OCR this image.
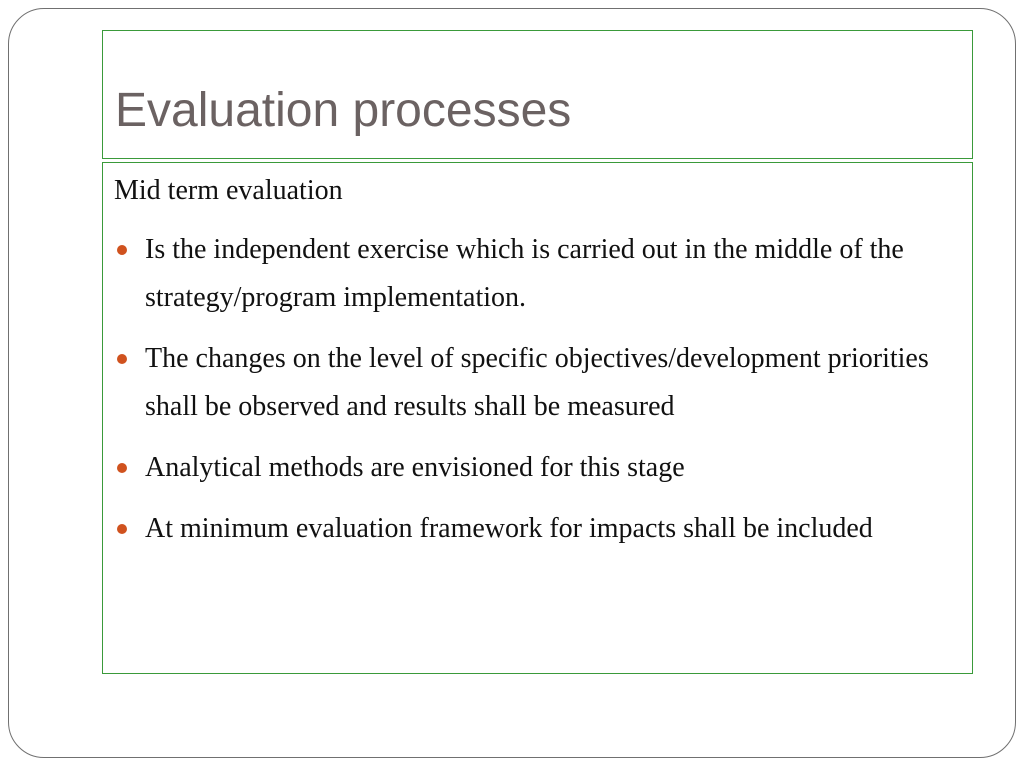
Evaluation processes

Mid term evaluation

Is the independent exercise which is carried out in the middle of the strategy/program implementation.
The changes on the level of specific objectives/development priorities shall be observed and results shall be measured
Analytical methods are envisioned for this stage
At minimum evaluation framework for impacts shall be included
